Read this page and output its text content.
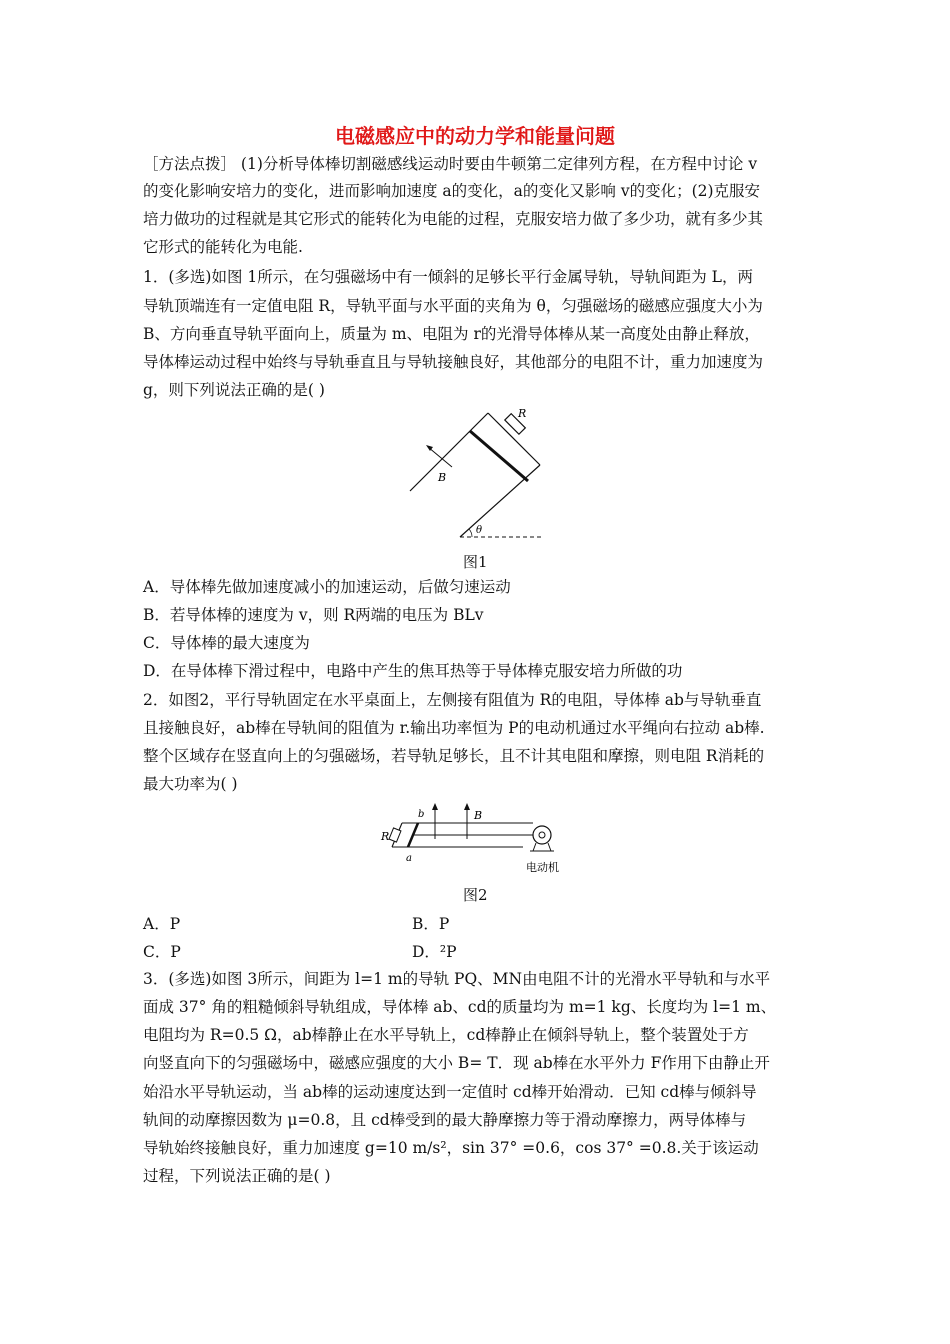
电磁感应中的动力学和能量问题
［方法点拨］ (1)分析导体棒切割磁感线运动时要由牛顿第二定律列方程，在方程中讨论 v
的变化影响安培力的变化，进而影响加速度 a的变化，a的变化又影响 v的变化；(2)克服安
培力做功的过程就是其它形式的能转化为电能的过程，克服安培力做了多少功，就有多少其
它形式的能转化为电能.
1．(多选)如图 1所示，在匀强磁场中有一倾斜的足够长平行金属导轨，导轨间距为 L，两
导轨顶端连有一定值电阻 R，导轨平面与水平面的夹角为 θ，匀强磁场的磁感应强度大小为
B、方向垂直导轨平面向上，质量为 m、电阻为 r的光滑导体棒从某一高度处由静止释放，
导体棒运动过程中始终与导轨垂直且与导轨接触良好，其他部分的电阻不计，重力加速度为
g，则下列说法正确的是( )
R
B
θ
图1
A．导体棒先做加速度减小的加速运动，后做匀速运动
B．若导体棒的速度为 v，则 R两端的电压为 BLv
C．导体棒的最大速度为
D．在导体棒下滑过程中，电路中产生的焦耳热等于导体棒克服安培力所做的功
2．如图2，平行导轨固定在水平桌面上，左侧接有阻值为 R的电阻，导体棒 ab与导轨垂直
且接触良好，ab棒在导轨间的阻值为 r.输出功率恒为 P的电动机通过水平绳向右拉动 ab棒.
整个区域存在竖直向上的匀强磁场，若导轨足够长，且不计其电阻和摩擦，则电阻 R消耗的
最大功率为( )
R
b
a
B
电动机
图2
A．P	B．P
C．P	D．²P
3．(多选)如图 3所示，间距为 l=1 m的导轨 PQ、MN由电阻不计的光滑水平导轨和与水平
面成 37° 角的粗糙倾斜导轨组成，导体棒 ab、cd的质量均为 m=1 kg、长度均为 l=1 m、
电阻均为 R=0.5 Ω，ab棒静止在水平导轨上，cd棒静止在倾斜导轨上，整个装置处于方
向竖直向下的匀强磁场中，磁感应强度的大小 B= T．现 ab棒在水平外力 F作用下由静止开
始沿水平导轨运动，当 ab棒的运动速度达到一定值时 cd棒开始滑动．已知 cd棒与倾斜导
轨间的动摩擦因数为 μ=0.8，且 cd棒受到的最大静摩擦力等于滑动摩擦力，两导体棒与
导轨始终接触良好，重力加速度 g=10 m/s²，sin 37° =0.6，cos 37° =0.8.关于该运动
过程，下列说法正确的是( )
